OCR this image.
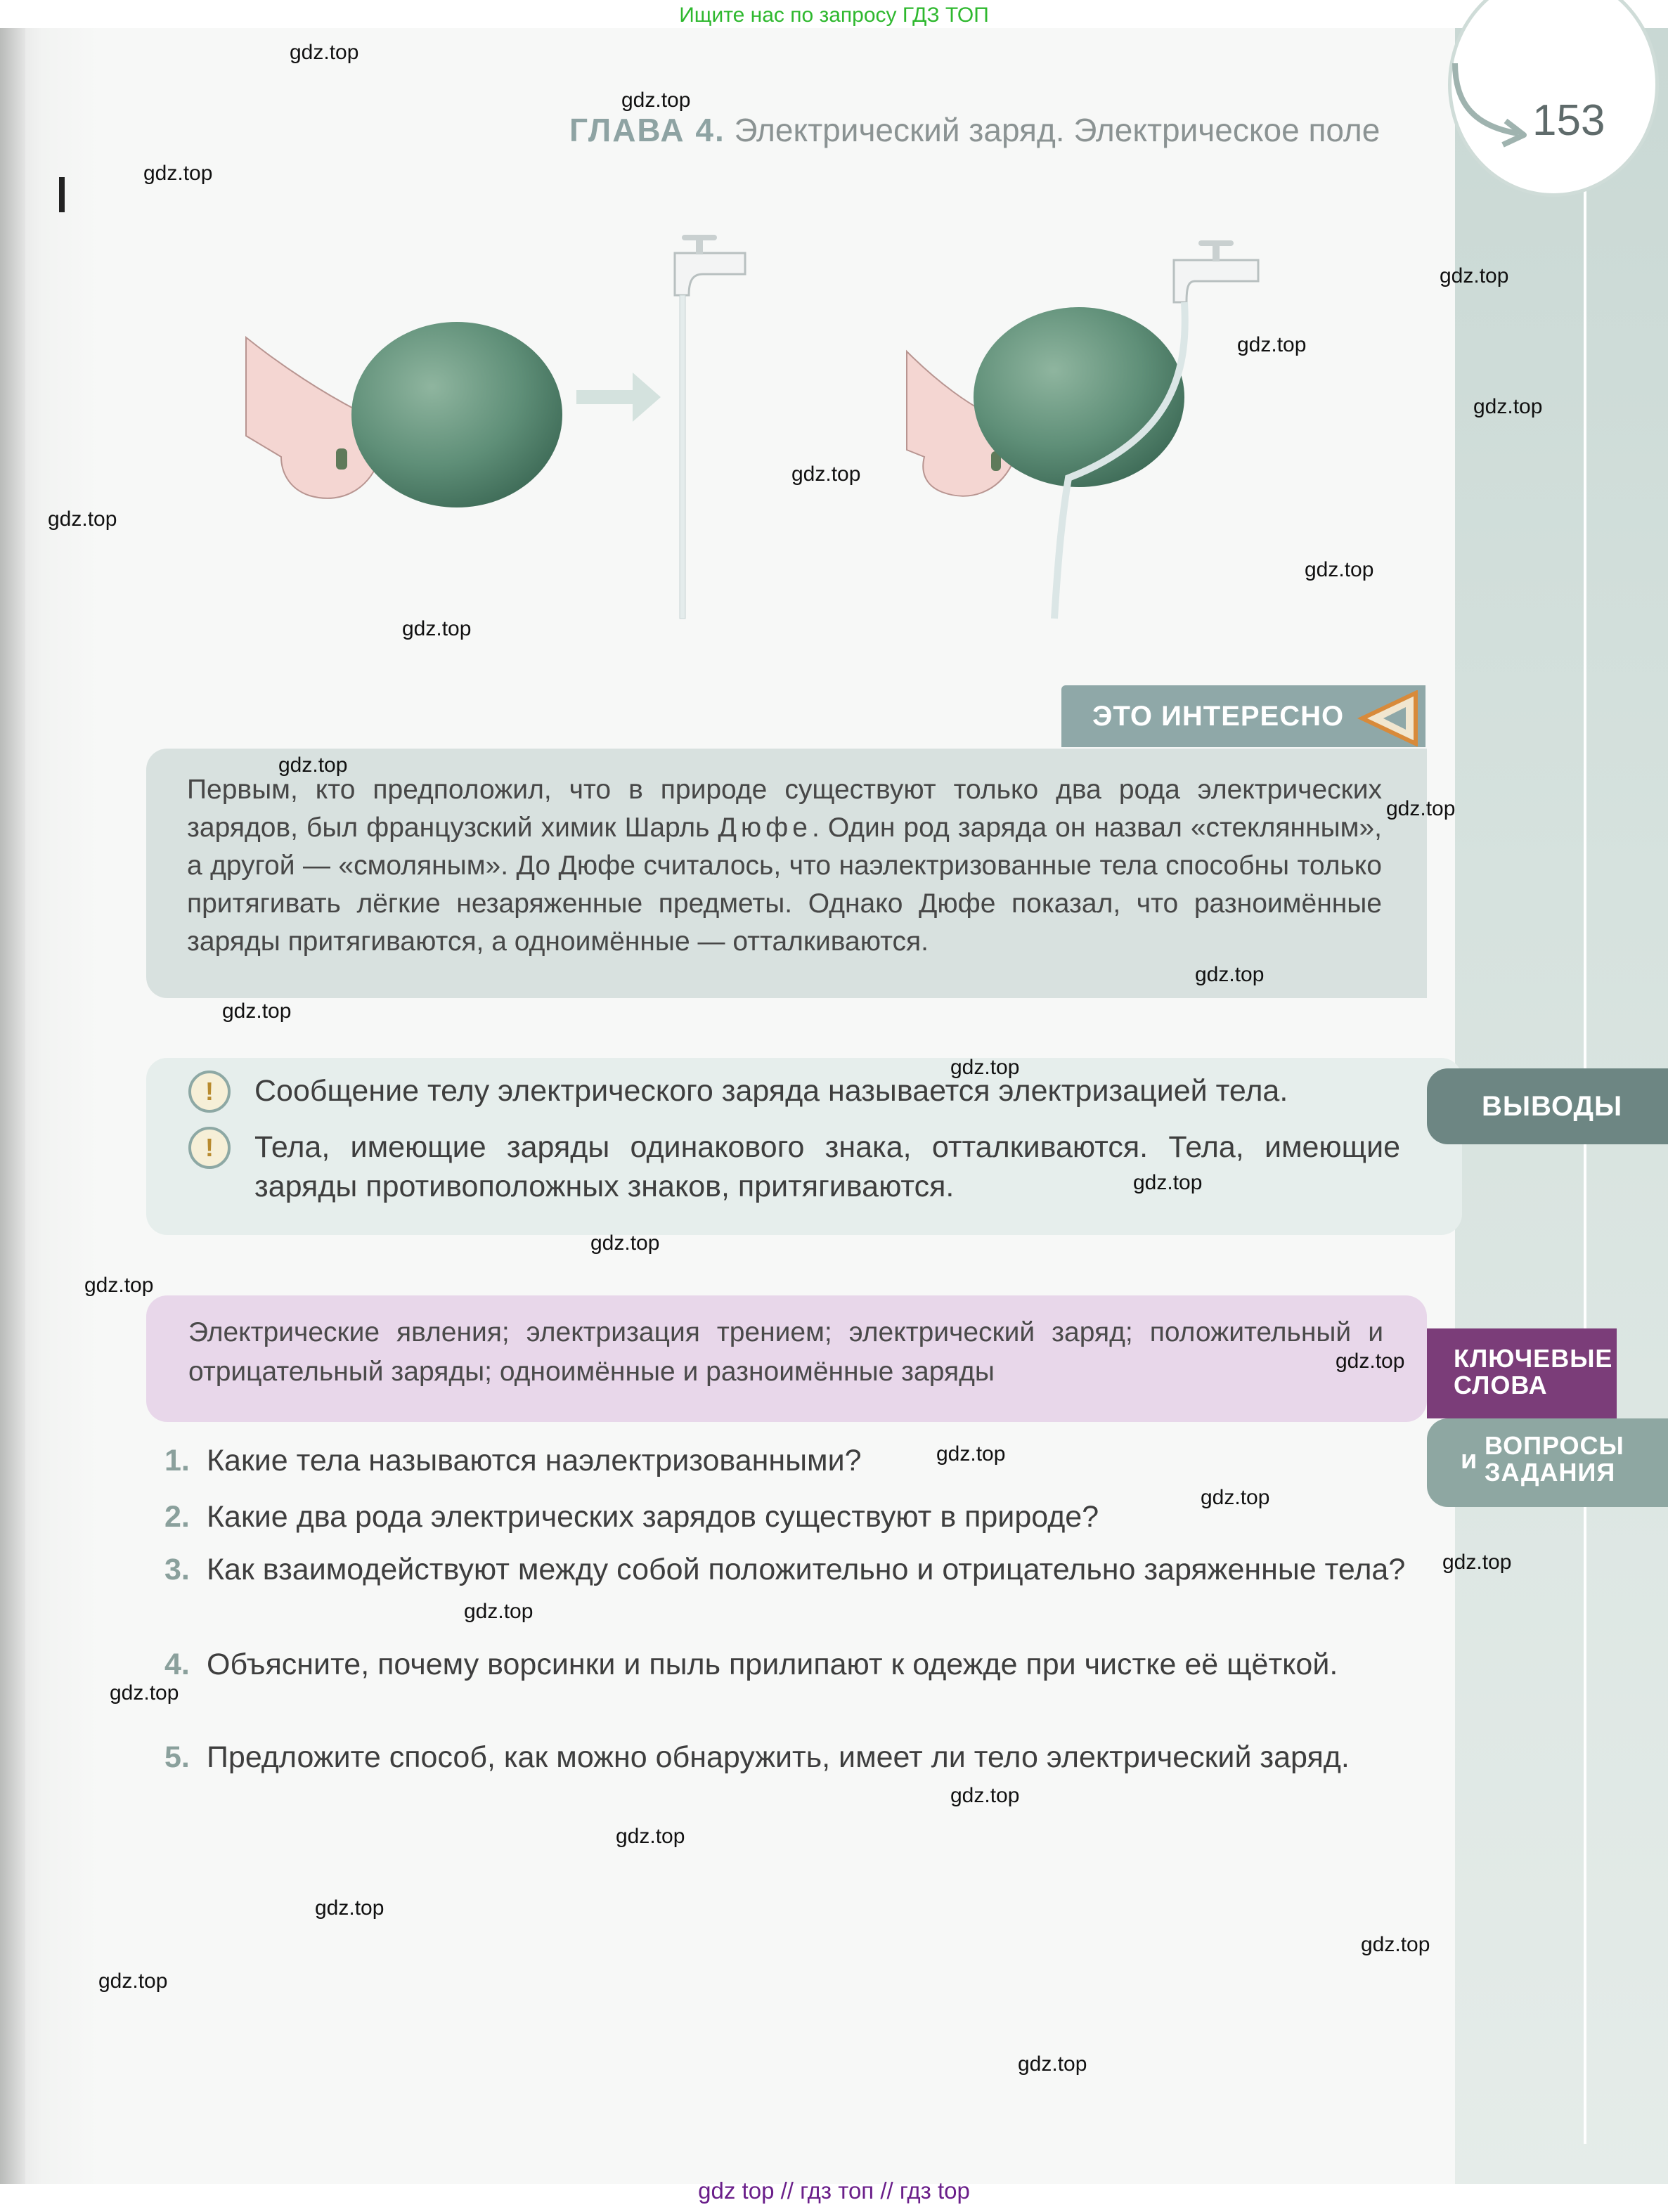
Ищите нас по запросу ГДЗ ТОП
153
ГЛАВА 4. Электрический заряд. Электрическое поле
ЭТО ИНТЕРЕСНО
Первым, кто предположил, что в природе существуют только два рода электрических зарядов, был французский химик Шарль Дюфе. Один род заряда он назвал «стеклянным», а другой — «смоляным». До Дюфе считалось, что наэлектризованные тела способны только притягивать лёгкие незаряженные предметы. Однако Дюфе показал, что разноимённые заряды притягиваются, а одноимённые — отталкиваются.
ВЫВОДЫ
!	Сообщение телу электрического заряда называется электризацией тела.
!	Тела, имеющие заряды одинакового знака, отталкиваются. Тела, имеющие заряды противоположных знаков, притягиваются.
Электрические явления; электризация трением; электрический заряд; положительный и отрицательный заряды; одноимённые и разноимённые заряды	КЛЮЧЕВЫЕ
СЛОВА
и ВОПРОСЫ
ЗАДАНИЯ
1. Какие тела называются наэлектризованными?
2. Какие два рода электрических зарядов существуют в природе?
3. Как взаимодействуют между собой положительно и отрицательно заряженные тела?
4. Объясните, почему ворсинки и пыль прилипают к одежде при чистке её щёткой.
5. Предложите способ, как можно обнаружить, имеет ли тело электрический заряд.
gdz.top
gdz.top
gdz.top
gdz.top
gdz.top
gdz.top
gdz.top
gdz.top
gdz.top
gdz.top
gdz.top
gdz.top
gdz.top
gdz.top
gdz.top
gdz.top
gdz.top
gdz.top
gdz.top
gdz.top
gdz.top
gdz.top
gdz.top
gdz.top
gdz.top
gdz.top
gdz.top
gdz.top
gdz.top
gdz.top
gdz top // гдз топ // гдз top
